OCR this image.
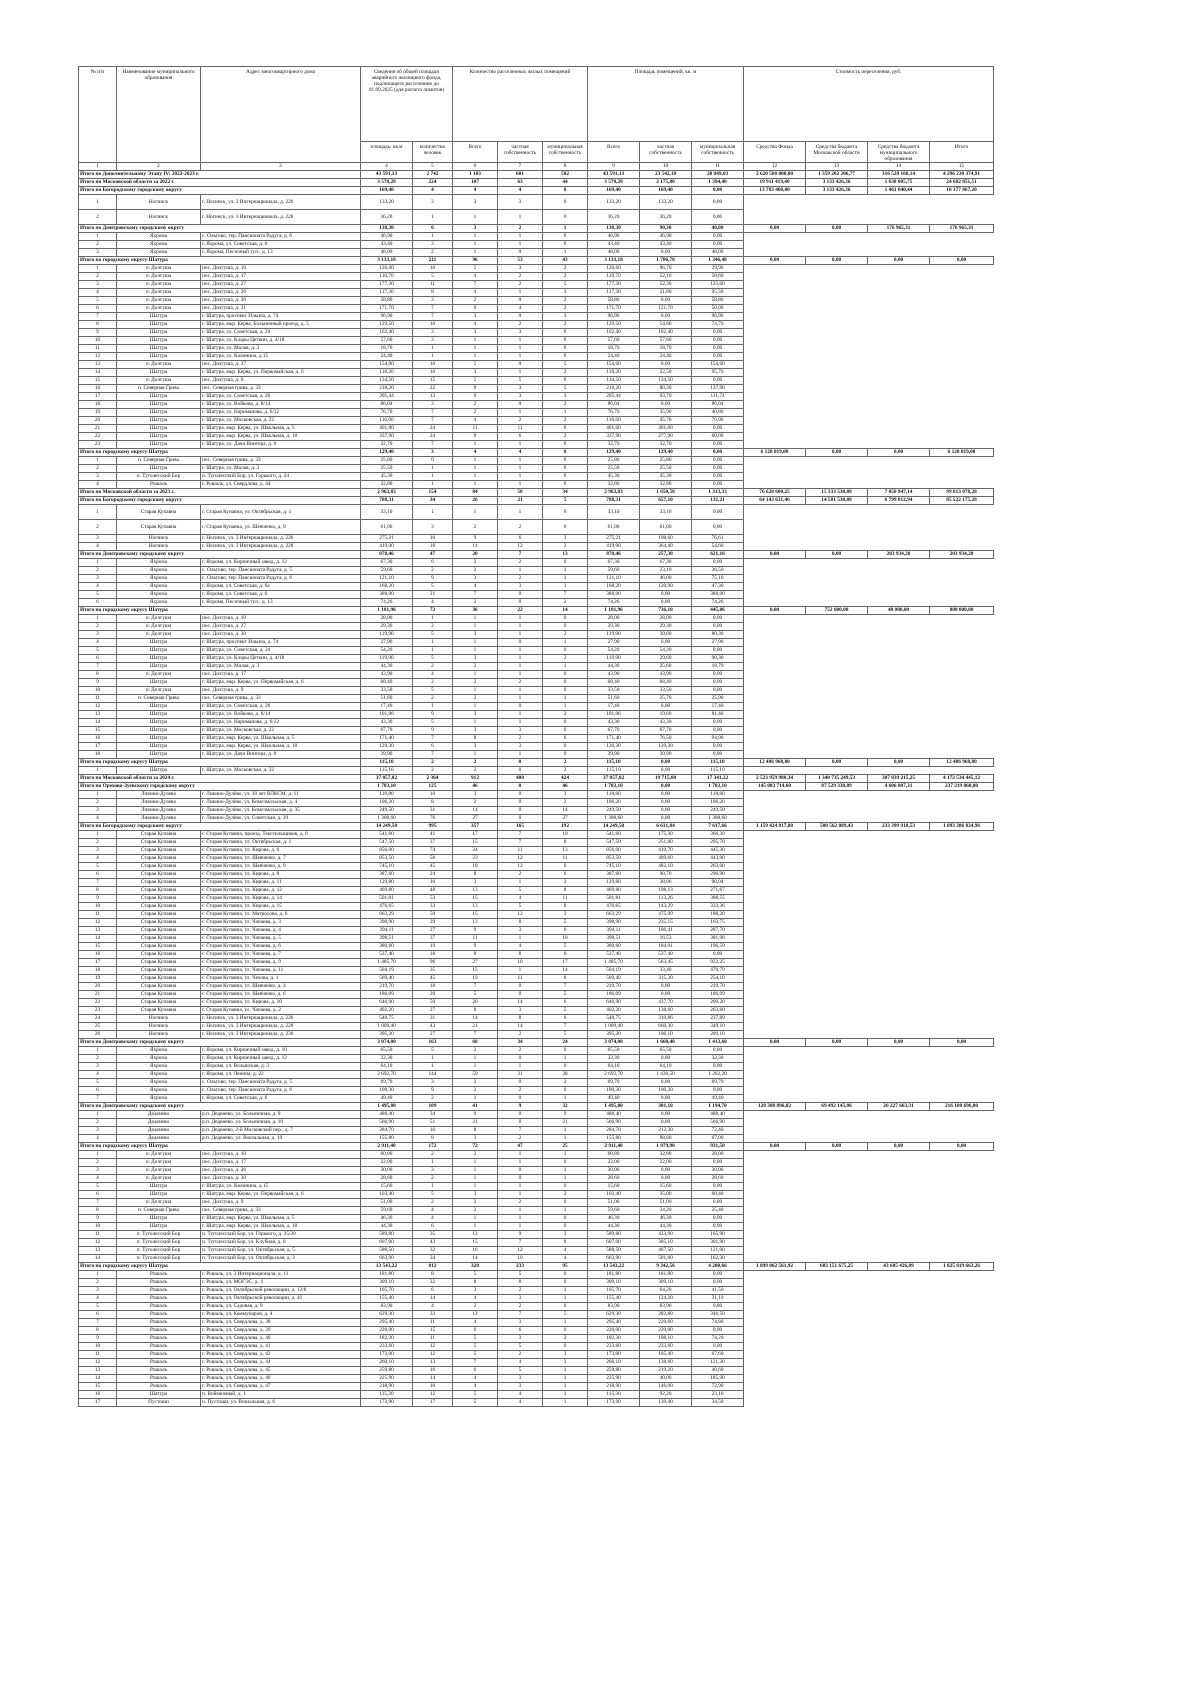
№ п/п	Наименование муниципального образования	Адрес многоквартирного дома	Сведения об общей площади аварийного жилищного фонда, подлежащего расселению до 01.09.2025 (для расчета лимитов)		Количество расселенных жилых помещений			Площадь помещений, кв. м			Стоимость переселения, руб.				
			площадь, кв.м	количество человек	Всего	частная собственность	муниципальная собственность	Всего	частная собственность	муниципальная собственность	Средства Фонда	Средства бюджета Московской области	Средства бюджета муниципального образования	Итого	
1	2	3	4	5	6	7	8	9	10	11	12	13	14	15	
Итого по Дополнительному Этапу IV: 2022-2023 г.			43 591,13	2 742	1 103	601	502	43 591,13	23 542,10	20 049,03	2 620 500 000,00	1 359 202 206,77	316 528 168,14	4 296 230 374,91	
Итого по Московской области за 2022 г.			3 570,28	224	107	63	44	3 570,28	2 175,80	1 394,48	19 911 419,40	3 133 426,36	1 638 005,75	24 682 851,51	
Итого по Богородскому городскому округу			169,40	4	4	4	0	169,40	169,40	0,00	13 783 400,80	3 133 426,36	1 461 040,44	18 377 867,20	
1	Ногинск	г. Ногинск, ул. 3 Интернационала, д. 226	133,20	3	3	3	0	133,20	133,20	0,00					
2	Ногинск	г. Ногинск, ул. 3 Интернационала, д. 228	36,20	1	1	1	0	36,20	36,20	0,00					
Итого по Дмитровскому городскому округу			138,30	6	3	2	1	138,30	90,30	48,00	0,00	0,00	176 965,31	176 965,31	
1	Яхрома	с. Ольгово, тер. Пансионата Радуга, д. 6	46,90	1	1	1	0	46,90	46,90	0,00					
2	Яхрома	г. Яхрома, ул. Советская, д. 6	43,40	3	1	1	0	43,40	43,40	0,00					
3	Яхрома	г. Яхрома, Песочный туп., д. 13	48,00	2	1	0	1	48,00	0,00	48,00					
Итого по городскому округу Шатура			3 133,18	211	96	53	43	3 133,18	1 786,70	1 346,48	0,00	0,00	0,00	0,00	
1	п. Долгуша	пос. Долгуша, д. 10	126,60	10	5	3	2	126,60	96,70	29,90					
2	п. Долгуша	пос. Долгуша, д. 17	110,70	5	4	2	2	110,70	52,10	58,60					
3	п. Долгуша	пос. Долгуша, д. 27	177,30	11	7	2	5	177,30	52,30	125,00					
4	п. Долгуша	пос. Долгуша, д. 26	117,30	8	4	1	3	117,30	21,80	95,50					
5	п. Долгуша	пос. Долгуша, д. 30	58,80	3	2	0	2	58,80	0,00	58,80					
6	п. Долгуша	пос. Долгуша, д. 31	171,70	7	6	4	2	171,70	121,70	50,00					
7	Шатура	г. Шатура, проспект Ильича, д. 74	96,90	7	3	0	3	96,90	0,00	96,90					
8	Шатура	г. Шатура, мкр. Керва, Больничный проезд, д. 5	129,50	10	4	2	2	129,50	54,80	74,70					
9	Шатура	г. Шатура, ул. Советская, д. 24	162,40	3	3	3	0	162,40	162,40	0,00					
10	Шатура	г. Шатура, ул. Клары Цеткин, д. 4/18	57,60	3	1	1	0	57,60	57,60	0,00					
11	Шатура	г. Шатура, ул. Малая, д. 3	18,70	1	1	1	0	18,70	18,70	0,00					
12	Шатура	г. Шатура, ул. Калинина, д.15	24,40	1	1	1	0	24,40	24,40	0,00					
13	п. Долгуша	пос. Долгуша, д. 37	154,00	10	5	0	5	154,00	0,00	154,00					
14	Шатура	г. Шатура, мкр. Керва, ул. Первомайская, д. 6	118,20	10	3	1	2	118,20	22,50	95,70					
15	п. Долгуша	пос. Долгуша, д. 9	134,50	15	5	5	0	134,50	134,50	0,00					
16	п. Северная Грива	пос. Северная грива, д. 33	218,20	22	8	3	5	218,20	80,30	137,90					
17	Шатура	г. Шатура, ул. Советская, д. 26	205,44	13	6	3	3	205,44	93,70	111,74					
18	Шатура	г. Шатура, ул. Войкова, д. 8/14	86,04	3	2	0	2	86,04	0,00	86,04					
19	Шатура	г. Шатура, ул. Нариманова, д. 6/12	76,70	7	2	1	1	76,70	35,90	40,80					
20	Шатура	г. Шатура, ул. Московская, д. 22	116,60	7	4	2	2	116,60	45,70	70,90					
21	Шатура	г. Шатура, мкр. Керва, ул. Школьная, д. 5	401,00	24	11	11	0	401,00	401,00	0,00					
22	Шатура	г. Шатура, мкр. Керва, ул. Школьная, д. 18	337,90	24	8	6	2	337,90	277,90	60,00					
23	Шатура	г. Шатура, ул. Дачи Винтера, д. 8	32,70	7	1	1	0	32,70	32,70	0,00					
Итого по городскому округу Шатура			129,40	3	4	4	0	129,40	129,40	0,00	6 128 019,00	0,00	0,00	6 128 019,00	
1	п. Северная Грива	пос. Северная грива, д. 33	25,80	0	1	1	0	25,80	25,80	0,00					
2	Шатура	г. Шатура, ул. Малая, д. 3	25,50	1	1	1	0	25,50	25,50	0,00					
3	п. Туголесский Бор	п. Туголесский Бор, ул. Горького, д. 24	45,30	1	1	1	0	45,30	45,30	0,00					
4	Рошаль	г. Рошаль, ул. Свердлова, д. 44	32,80	1	1	1	0	32,80	32,80	0,00					
Итого по Московской области за 2023 г.			2 963,83	154	84	50	34	2 963,83	1 650,50	1 313,33	76 628 600,25	15 333 530,88	7 050 947,14	99 013 078,28	
Итого по Богородскому городскому округу			788,31	34	26	21	5	788,31	657,10	131,21	64 143 631,46	14 581 530,88	6 799 012,94	85 522 175,28	
1	Старая Купавна	г. Старая Купавна, ул. Октябрьская, д. 1	33,10	1	1	1	0	33,10	33,10	0,00					
2	Старая Купавна	г. Старая Купавна, ул. Шевченко, д. 9	61,00	3	2	2	0	61,00	61,00	0,00					
3	Ногинск	г. Ногинск, ул. 3 Интернационала, д. 226	275,21	10	9	6	3	275,21	198,60	76,61					
4	Ногинск	г. Ногинск, ул. 3 Интернационала, д. 228	419,00	18	14	12	2	419,00	364,40	54,60					
Итого по Дмитровскому городскому округу			878,46	47	20	7	13	878,46	257,30	621,16	0,00	0,00	203 934,20	203 934,20	
1	Яхрома	г. Яхрома, ул. Кирпичный завод, д. 12	67,30	6	2	2	0	67,30	67,30	0,00					
2	Яхрома	с. Ольгово, тер. Пансионата Радуга, д. 5	59,60	2	2	1	1	59,60	23,10	36,50					
3	Яхрома	с. Ольгово, тер. Пансионата Радуга, д. 6	121,10	9	3	2	1	121,10	46,00	75,10					
4	Яхрома	г. Яхрома, ул. Советская, д. 6а	168,20	5	4	3	1	168,20	120,90	47,30					
5	Яхрома	г. Яхрома, ул. Советская, д. 6	388,00	21	7	0	7	388,00	0,00	388,00					
6	Яхрома	г. Яхрома, Песочный туп., д. 13	74,26	4	2	0	2	74,26	0,00	74,26					
Итого по городскому округу Шатура			1 181,96	72	36	22	14	1 181,96	736,10	445,86	0,00	752 000,00	48 000,00	800 000,00	
1	п. Долгуша	пос. Долгуша, д. 10	28,00	1	1	1	0	28,00	28,00	0,00					
2	п. Долгуша	пос. Долгуша, д. 27	29,30	2	1	1	0	29,30	29,30	0,00					
3	п. Долгуша	пос. Долгуша, д. 30	119,90	5	3	1	2	119,90	39,60	80,30					
4	Шатура	г. Шатура, проспект Ильича, д. 74	27,90	1	1	0	1	27,90	0,00	27,90					
5	Шатура	г. Шатура, ул. Советская, д. 24	54,20	1	1	1	0	54,20	54,20	0,00					
6	Шатура	г. Шатура, ул. Клары Цеткин, д. 4/18	119,90	5	3	1	2	119,90	29,60	90,30					
7	Шатура	г. Шатура, ул. Малая, д. 3	44,30	2	2	1	1	44,30	25,60	18,70					
8	п. Долгуша	пос. Долгуша, д. 17	43,90	4	1	1	0	43,90	43,90	0,00					
9	Шатура	г. Шатура, мкр. Керва, ул. Первомайская, д. 6	68,40	2	2	2	0	68,40	68,40	0,00					
10	п. Долгуша	пос. Долгуша, д. 9	33,50	5	1	1	0	33,50	33,50	0,00					
11	п. Северная Грива	пос. Северная грива, д. 33	51,60	2	2	1	1	51,60	25,70	25,90					
12	Шатура	г. Шатура, ул. Советская, д. 26	17,40	1	1	0	1	17,40	0,00	17,40					
13	Шатура	г. Шатура, ул. Войкова, д. 8/14	101,06	9	3	1	2	101,06	19,60	81,46					
14	Шатура	г. Шатура, ул. Нариманова, д. 6/12	43,30	5	1	1	0	43,30	43,30	0,00					
15	Шатура	г. Шатура, ул. Московская, д. 22	67,70	9	3	3	0	67,70	67,70	0,00					
16	Шатура	г. Шатура, мкр. Керва, ул. Школьная, д. 5	171,40	7	8	2	6	171,40	76,50	94,90					
17	Шатура	г. Шатура, мкр. Керва, ул. Школьная, д. 18	120,30	6	3	3	0	120,30	120,30	0,00					
18	Шатура	г. Шатура, ул. Дачи Винтера, д. 8	39,90	7	1	1	0	39,90	39,90	0,00					
Итого по городскому округу Шатура			115,10	2	2	0	2	115,10	0,00	115,10	12 486 968,80	0,00	0,00	12 486 968,80	
1	Шатура	г. Шатура, ул. Московская, д. 22	115,10	2	2	0	2	115,10	0,00	115,10					
Итого по Московской области за 2024 г.			37 057,02	2 364	912	488	424	37 057,02	19 715,80	17 341,22	2 523 959 980,34	1 340 735 249,53	307 839 215,25	4 172 534 445,12	
Итого по Орехово-Зуевскому городскому округу			1 783,10	125	46	0	46	1 783,10	0,00	1 783,10	145 083 714,60	87 529 338,89	4 606 807,31	237 219 860,00	
1	Ликино-Дулево	г. Ликино-Дулёво, ул. 30 лет ВЛКСМ, д. 11	118,80	10	3	0	3	118,80	0,00	118,80					
2	Ликино-Дулево	г. Ликино-Дулёво, ул. Комсомольская, д. 4	106,20	8	2	0	2	106,20	0,00	106,20					
3	Ликино-Дулево	г. Ликино-Дулёво, ул. Комсомольская, д. 35	249,50	31	14	0	14	249,50	0,00	249,50					
4	Ликино-Дулево	г. Ликино-Дулёво, ул. Советская, д. 39	1 308,60	76	27	0	27	1 308,60	0,00	1 308,60					
Итого по Богородскому городскому округу			14 249,50	995	357	165	192	14 249,50	6 631,84	7 617,66	1 159 424 817,00	500 562 089,43	233 399 918,53	1 893 386 824,96	
1	Старая Купавна	г. Старая Купавна, проезд. Текстильщиков, д. 8	541,60	41	17	7	10	541,60	175,30	366,30					
2	Старая Купавна	г. Старая Купавна, ул. Октябрьская, д. 1	547,50	37	15	7	8	547,50	251,80	295,70					
3	Старая Купавна	г. Старая Купавна, ул. Кирова, д. 6	856,00	74	24	11	13	856,00	410,70	445,30					
4	Старая Купавна	г. Старая Купавна, ул. Шевченко, д. 7	853,50	58	23	12	11	853,50	409,60	443,90					
5	Старая Купавна	г. Старая Купавна, ул. Шевченко, д. 9	745,10	45	18	12	6	745,10	482,10	263,00					
6	Старая Купавна	г. Старая Купавна, ул. Кирова, д. 8	387,60	24	8	2	6	387,60	90,70	296,90					
7	Старая Купавна	г. Старая Купавна, ул. Кирова, д. 11	129,80	10	3	1	2	129,80	38,86	90,94					
8	Старая Купавна	г. Старая Купавна, ул. Кирова, д. 12	469,80	48	13	5	8	469,80	198,13	271,67					
9	Старая Купавна	г. Старая Купавна, ул. Кирова, д. 14	501,81	53	15	4	11	501,81	113,26	388,55					
10	Старая Купавна	г. Старая Купавна, ул. Кирова, д. 15	476,65	33	13	5	8	476,65	143,29	333,36					
11	Старая Купавна	г. Старая Купавна, ул. Матросова, д. 6	663,29	50	15	12	3	663,29	475,09	188,20					
12	Старая Купавна	г. Старая Купавна, ул. Чапаева, д. 3	398,90	29	13	8	5	398,90	235,15	163,75					
13	Старая Купавна	г. Старая Купавна, ул. Чапаева, д. 4	394,11	27	9	3	6	394,11	106,41	287,70					
14	Старая Купавна	г. Старая Купавна, ул. Чапаева, д. 5	398,51	37	11	1	10	398,51	16,53	381,98					
15	Старая Купавна	г. Старая Купавна, ул. Чапаева, д. 6	380,60	19	9	4	5	380,60	184,01	196,59					
16	Старая Купавна	г. Старая Купавна, ул. Чапаева, д. 7	537,40	18	8	8	0	537,40	537,40	0,00					
17	Старая Купавна	г. Старая Купавна, ул. Чапаева, д. 9	1 485,70	96	27	10	17	1 485,70	563,45	922,25					
18	Старая Купавна	г. Старая Купавна, ул. Чапаева, д. 11	504,19	35	15	1	14	504,19	33,40	470,79					
19	Старая Купавна	г. Старая Купавна, ул. Чехова, д. 1	569,40	45	19	11	8	569,40	315,30	254,10					
20	Старая Купавна	г. Старая Купавна, ул. Шевченко, д. 4	219,70	18	7	0	7	219,70	0,00	219,70					
21	Старая Купавна	г. Старая Купавна, ул. Шевченко, д. 6	186,09	20	5	0	5	186,09	0,00	186,09					
22	Старая Купавна	г. Старая Купавна, ул. Кирова, д. 10	646,90	50	20	14	6	646,90	437,70	209,20					
23	Старая Купавна	г. Старая Купавна, ул. Чапаева, д. 2	402,20	27	8	3	5	402,20	138,60	263,60					
24	Ногинск	г. Ногинск, ул. 3 Интернационала, д. 226	548,75	31	14	8	6	548,75	310,86	237,89					
25	Ногинск	г. Ногинск, ул. 3 Интернационала, д. 228	1 009,40	43	21	14	7	1 009,40	660,30	349,10					
26	Ногинск	г. Ногинск, ул. 3 Интернационала, д. 230	395,20	27	7	2	5	395,20	106,10	289,10					
Итого по Дмитровскому городскому округу			3 074,00	163	68	34	24	3 074,00	1 660,40	1 413,60	0,00	0,00	0,00	0,00	
1	Яхрома	г. Яхрома, ул. Кирпичный завод, д. 10	65,50	5	2	2	0	65,50	65,50	0,00					
2	Яхрома	г. Яхрома, ул. Кирпичный завод, д. 12	32,30	1	1	0	1	32,30	0,00	32,30					
3	Яхрома	г. Яхрома, ул. Волынская, д. 3	64,10	1	1	1	0	64,10	64,10	0,00					
4	Яхрома	г. Яхрома, ул. Ленина, д. 22	2 692,70	144	59	31	28	2 692,70	1 430,50	1 262,20					
5	Яхрома	с. Ольгово, тер. Пансионата Радуга, д. 5	69,70	3	2	0	2	69,70	0,00	69,70					
6	Яхрома	с. Ольгово, тер. Пансионата Радуга, д. 6	100,30	9	2	2	0	100,30	100,30	0,00					
7	Яхрома	г. Яхрома, ул. Советская, д. 6	49,40	2	1	0	1	49,40	0,00	49,40					
Итого по Дмитровскому городскому округу			1 495,80	109	41	9	32	1 495,80	301,10	1 194,70	120 388 896,82	69 492 145,86	26 227 663,31	216 108 696,00	
1	Деденево	р.п. Деденево, ул. Больничная, д. 9	488,40	34	9	0	9	488,40	0,00	488,40					
2	Деденево	р.п. Деденево, ул. Больничная, д. 10	566,90	51	21	0	21	566,90	0,00	566,90					
3	Деденево	р.п. Деденево, 2-й Московский пер., д. 7	284,70	16	8	7	1	284,70	212,30	72,40					
4	Деденево	р.п. Деденево, ул. Вокзальная, д. 19	155,80	8	3	2	1	155,80	88,80	67,00					
Итого по городскому округу Шатура			2 911,40	172	72	47	25	2 911,40	1 979,90	931,50	0,00	0,00	0,00	0,00	
1	п. Долгуша	пос. Долгуша, д. 10	60,80	2	2	1	1	60,80	32,80	28,00					
2	п. Долгуша	пос. Долгуша, д. 17	22,00	1	1	1	0	22,00	22,00	0,00					
3	п. Долгуша	пос. Долгуша, д. 26	30,00	3	1	0	1	30,00	0,00	30,00					
4	п. Долгуша	пос. Долгуша, д. 30	28,60	2	1	0	1	28,60	0,00	28,60					
5	Шатура	г. Шатура, ул. Калинина, д.15	15,60	1	1	1	0	15,60	15,60	0,00					
6	Шатура	г. Шатура, мкр. Керва, ул. Первомайская, д. 6	103,40	5	3	1	2	103,40	35,00	68,40					
7	п. Долгуша	пос. Долгуша, д. 9	51,00	2	2	2	0	51,00	51,00	0,00					
8	п. Северная Грива	пос. Северная грива, д. 33	59,60	4	2	1	1	59,60	34,20	25,40					
9	Шатура	г. Шатура, мкр. Керва, ул. Школьная, д. 5	46,30	4	1	1	0	46,30	46,30	0,00					
10	Шатура	г. Шатура, мкр. Керва, ул. Школьная, д. 18	44,30	6	1	1	0	44,30	44,30	0,00					
11	п. Туголесский Бор	п. Туголесский Бор, ул. Горького, д. 25/20	589,80	35	12	9	3	589,80	423,90	165,90					
12	п. Туголесский Бор	п. Туголесский Бор, ул. Клубная, д. 6	607,00	43	15	7	8	607,00	305,10	301,90					
13	п. Туголесский Бор	п. Туголесский Бор, ул. Октябрьская, д. 5	588,50	32	16	12	4	588,50	467,50	121,00					
14	п. Туголесский Бор	п. Туголесский Бор, ул. Октябрьская, д. 3	663,90	34	14	10	4	663,90	501,60	162,30					
Итого по городскому округу Шатура			13 543,22	812	328	233	95	13 543,22	9 342,56	4 200,66	1 099 062 561,92	683 151 675,25	43 605 426,09	1 825 819 663,26	
1	Рошаль	г. Рошаль, ул. 3 Интернационала, д. 11	181,80	8	5	5	0	181,80	181,80	0,00					
2	Рошаль	г. Рошаль, ул. МОГЭС, д. 4	309,10	22	8	8	0	309,10	309,10	0,00					
3	Рошаль	г. Рошаль, ул. Октябрьской революции, д. 12/8	105,70	6	3	2	1	105,70	64,20	41,50					
4	Рошаль	г. Рошаль, ул. Октябрьской революции, д. 41	155,40	14	4	3	1	155,40	124,30	31,10					
5	Рошаль	г. Рошаль, ул. Садовая, д. 9	83,90	4	2	2	0	83,90	83,90	0,00					
6	Рошаль	г. Рошаль, ул. Коммунаров, д. 4	629,30	33	12	7	5	629,30	282,80	346,50					
7	Рошаль	г. Рошаль, ул. Свердлова, д. 38	295,40	11	4	3	1	295,40	220,60	74,80					
8	Рошаль	г. Рошаль, ул. Свердлова, д. 39	220,00	15	6	6	0	220,00	220,00	0,00					
9	Рошаль	г. Рошаль, ул. Свердлова, д. 40	182,30	11	5	3	2	182,30	108,10	74,20					
10	Рошаль	г. Рошаль, ул. Свердлова, д. 41	233,60	12	5	5	0	233,60	233,60	0,00					
11	Рошаль	г. Рошаль, ул. Свердлова, д. 42	173,00	12	5	2	3	173,00	105,40	67,60					
12	Рошаль	г. Рошаль, ул. Свердлова, д. 44	260,10	13	7	4	3	260,10	138,80	121,30					
13	Рошаль	г. Рошаль, ул. Свердлова, д. 45	259,80	16	6	5	1	259,80	219,20	40,60					
14	Рошаль	г. Рошаль, ул. Свердлова, д. 46	225,90	14	4	3	1	225,90	40,00	185,90					
15	Рошаль	г. Рошаль, ул. Свердлова, д. 47	218,90	10	4	3	1	218,90	146,00	72,90					
16	Шатура	п. Воймежный, д. 1	115,30	12	5	4	1	115,30	92,20	23,10					
17	Пустоши	п. Пустоши, ул. Вокзальная, д. 6	173,90	17	5	4	1	173,90	139,40	34,50					
